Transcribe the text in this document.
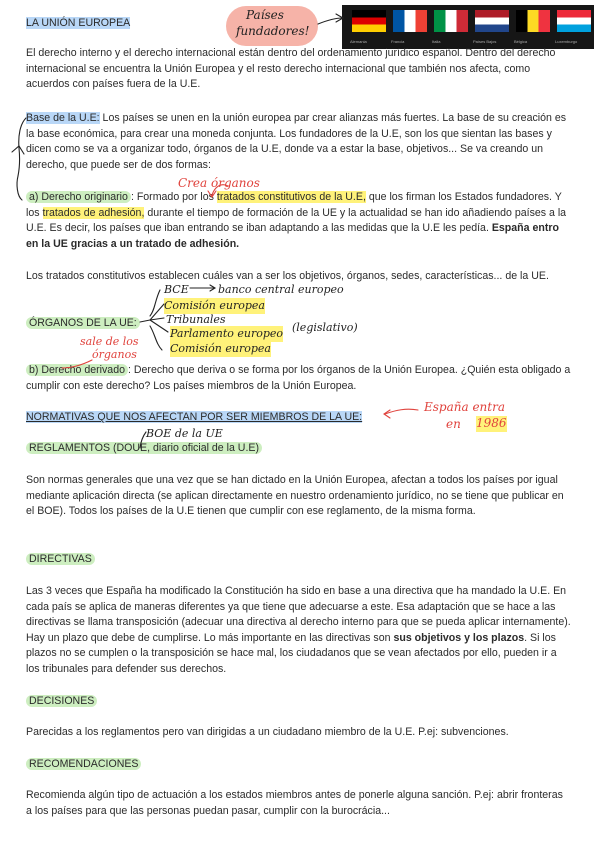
LA UNIÓN EUROPEA
Países
fundadores!
Alemania	Francia	Italia	Países Bajos	Bélgica	Luxemburgo

El derecho interno y el derecho internacional están dentro del ordenamiento jurídico español. Dentro del derecho internacional se encuentra la Unión Europea y el resto derecho internacional que también nos afecta, como acuerdos con países fuera de la U.E.

Base de la U.E: Los países se unen en la unión europea par crear alianzas más fuertes. La base de su creación es la base económica, para crear una moneda conjunta. Los fundadores de la U.E, son los que sientan las bases y dicen como se va a organizar todo, órganos de la U.E, donde va a estar la base, objetivos... Se va creando un derecho, que puede ser de dos formas:

Crea órganos

a) Derecho originario : Formado por los tratados constitutivos de la U.E, que los firman los Estados fundadores. Y los tratados de adhesión, durante el tiempo de formación de la UE y la actualidad se han ido añadiendo países a la U.E. Es decir, los países que iban entrando se iban adaptando a las medidas que la U.E les pedía. España entro en la UE gracias a un tratado de adhesión.

Los tratados constitutivos establecen cuáles van a ser los objetivos, órganos, sedes, características... de la UE.

ÓRGANOS DE LA UE:
BCE	banco central europeo
Comisión europea
Tribunales
Parlamento europeo (legislativo)
Comisión europea
sale de los
órganos

b) Derecho derivado : Derecho que deriva o se forma por los órganos de la Unión Europea. ¿Quién esta obligado a cumplir con este derecho? Los países miembros de la Unión Europea.

NORMATIVAS QUE NOS AFECTAN POR SER MIEMBROS DE LA UE:
España entra
en 1986
BOE de la UE
REGLAMENTOS (DOUE, diario oficial de la U.E)

Son normas generales que una vez que se han dictado en la Unión Europea, afectan a todos los países por igual mediante aplicación directa (se aplican directamente en nuestro ordenamiento jurídico, no se tiene que publicar en el BOE). Todos los países de la U.E tienen que cumplir con ese reglamento, de la misma forma.

DIRECTIVAS

Las 3 veces que España ha modificado la Constitución ha sido en base a una directiva que ha mandado la U.E. En cada país se aplica de maneras diferentes ya que tiene que adecuarse a este. Esa adaptación que se hace a las directivas se llama transposición (adecuar una directiva al derecho interno para que se pueda aplicar internamente). Hay un plazo que debe de cumplirse. Lo más importante en las directivas son sus objetivos y los plazos. Si los plazos no se cumplen o la transposición se hace mal, los ciudadanos que se vean afectados por ello, pueden ir a los tribunales para defender sus derechos.

DECISIONES

Parecidas a los reglamentos pero van dirigidas a un ciudadano miembro de la U.E. P.ej: subvenciones.

RECOMENDACIONES

Recomienda algún tipo de actuación a los estados miembros antes de ponerle alguna sanción. P.ej: abrir fronteras a los países para que las personas puedan pasar, cumplir con la burocrácia...
